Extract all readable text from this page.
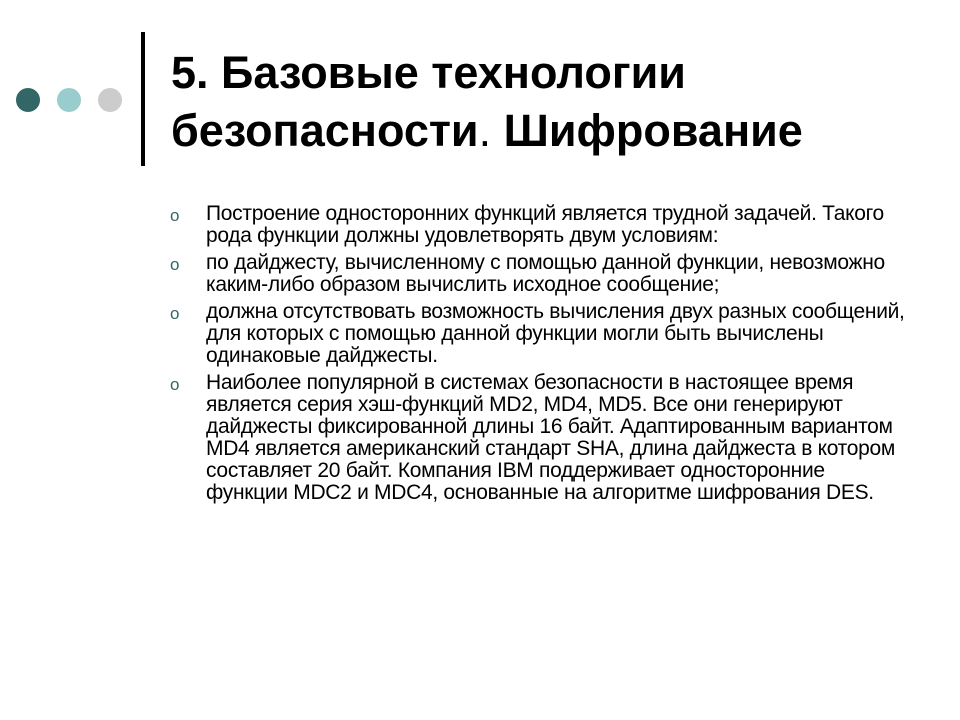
5. Базовые технологии безопасности. Шифрование
o	Построение односторонних функций является трудной задачей. Такого рода функции должны удовлетворять двум условиям:
o	по дайджесту, вычисленному с помощью данной функции, невозможно каким-либо образом вычислить исходное сообщение;
o	должна отсутствовать возможность вычисления двух разных сообщений, для которых с помощью данной функции могли быть вычислены одинаковые дайджесты.
o	Наиболее популярной в системах безопасности в настоящее время является серия хэш-функций MD2, MD4, MD5. Все они генерируют дайджесты фиксированной длины 16 байт. Адаптированным вариантом MD4 является американский стандарт SHA, длина дайджеста в котором составляет 20 байт. Компания IBM поддерживает односторонние функции MDC2 и MDC4, основанные на алгоритме шифрования DES.
